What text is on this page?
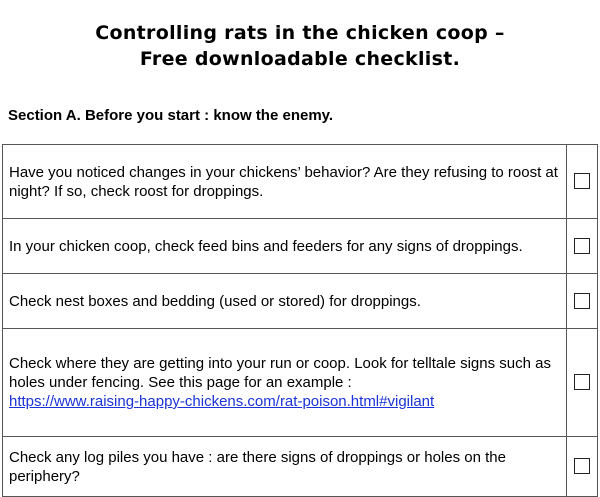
Controlling rats in the chicken coop –
Free downloadable checklist.
Section A. Before you start : know the enemy.
Have you noticed changes in your chickens’ behavior? Are they refusing to roost at night? If so, check roost for droppings.	
In your chicken coop, check feed bins and feeders for any signs of droppings.	
Check nest boxes and bedding (used or stored) for droppings.	
Check where they are getting into your run or coop. Look for telltale signs such as holes under fencing. See this page for an example :
https://www.raising-happy-chickens.com/rat-poison.html#vigilant	
Check any log piles you have : are there signs of droppings or holes on the periphery?	
